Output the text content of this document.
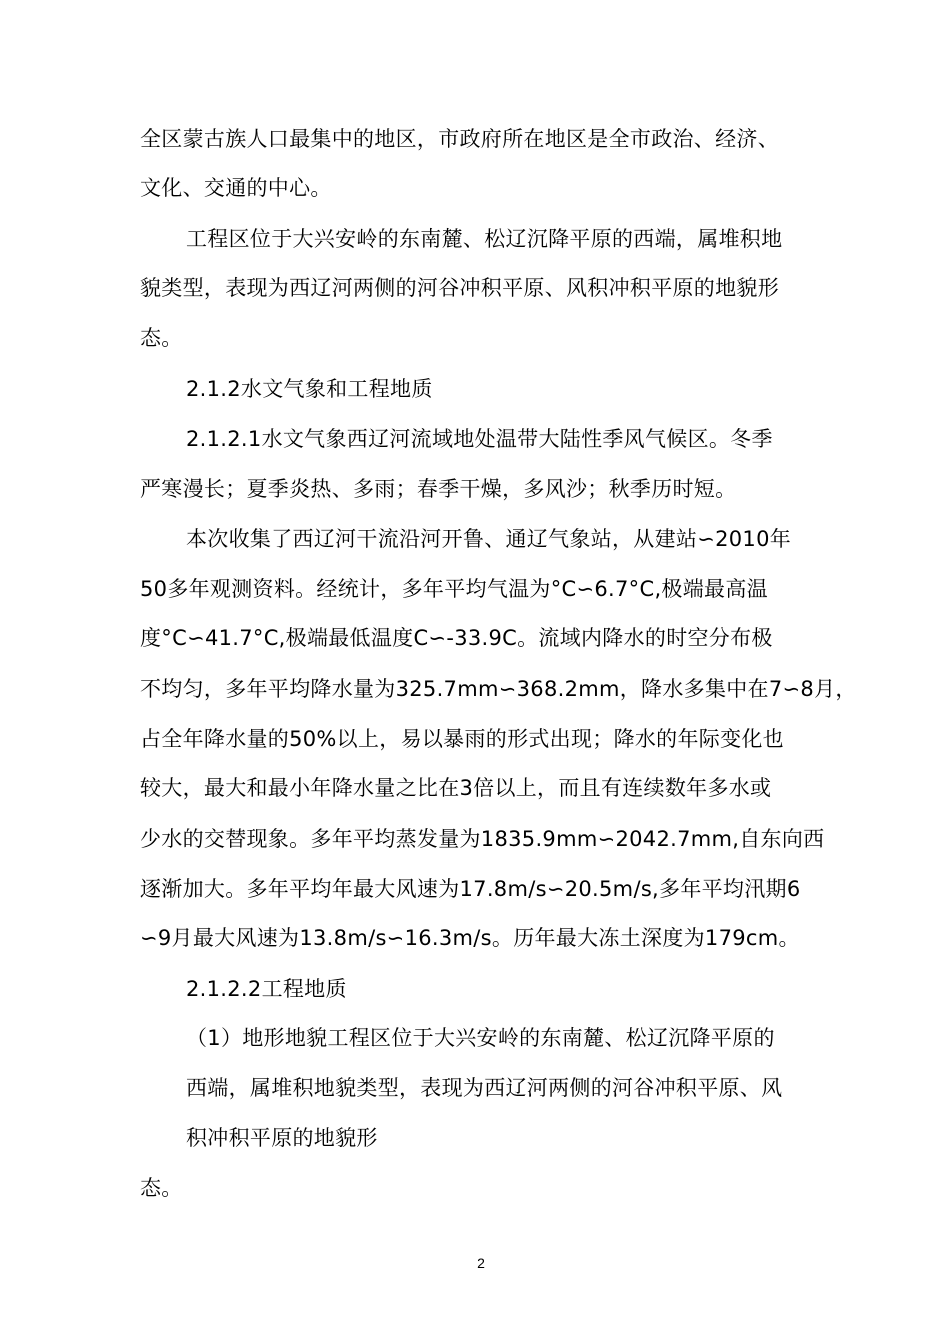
全区蒙古族人口最集中的地区，市政府所在地区是全市政治、经济、
文化、交通的中心。
工程区位于大兴安岭的东南麓、松辽沉降平原的西端，属堆积地
貌类型，表现为西辽河两侧的河谷冲积平原、风积冲积平原的地貌形
态。
2.1.2水文气象和工程地质
2.1.2.1水文气象西辽河流域地处温带大陆性季风气候区。冬季
严寒漫长；夏季炎热、多雨；春季干燥，多风沙；秋季历时短。
本次收集了西辽河干流沿河开鲁、通辽气象站，从建站∽2010年
50多年观测资料。经统计，多年平均气温为°C∽6.7°C,极端最高温
度°C∽41.7°C,极端最低温度C∽-33.9C。流域内降水的时空分布极
不均匀，多年平均降水量为325.7mm∽368.2mm，降水多集中在7∽8月，
占全年降水量的50%以上，易以暴雨的形式出现；降水的年际变化也
较大，最大和最小年降水量之比在3倍以上，而且有连续数年多水或
少水的交替现象。多年平均蒸发量为1835.9mm∽2042.7mm,自东向西
逐渐加大。多年平均年最大风速为17.8m/s∽20.5m/s,多年平均汛期6
∽9月最大风速为13.8m/s∽16.3m/s。历年最大冻土深度为179cm。
2.1.2.2工程地质
（1）地形地貌工程区位于大兴安岭的东南麓、松辽沉降平原的
西端，属堆积地貌类型，表现为西辽河两侧的河谷冲积平原、风
积冲积平原的地貌形
态。
2
